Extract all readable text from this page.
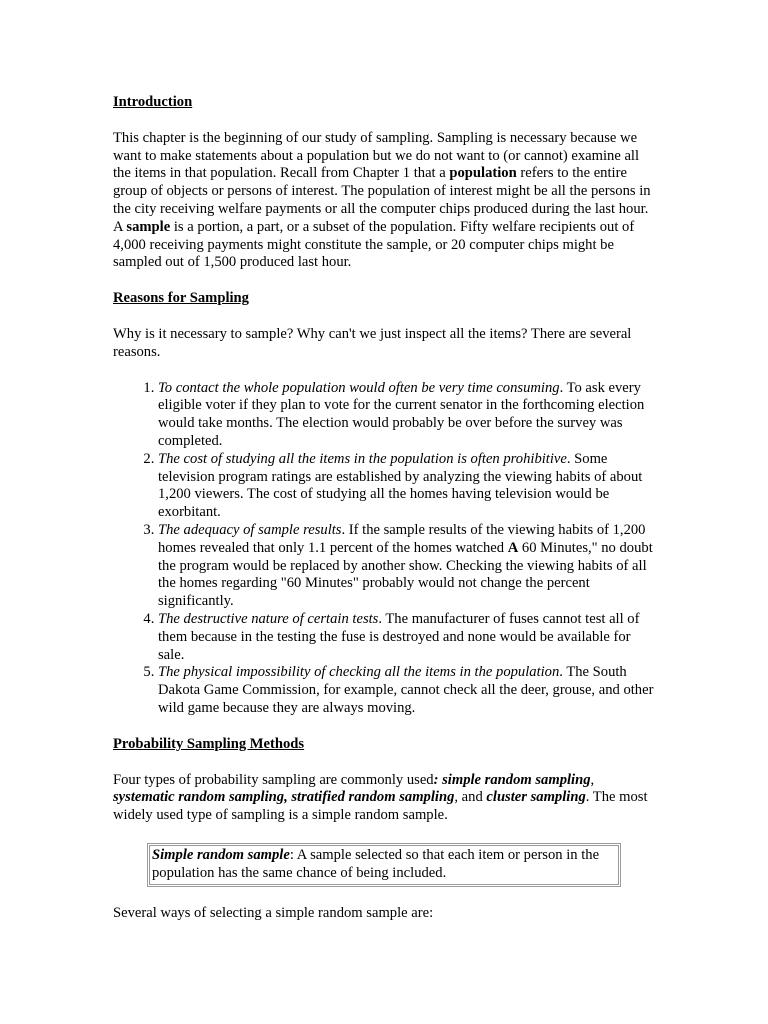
Introduction

This chapter is the beginning of our study of sampling. Sampling is necessary because we want to make statements about a population but we do not want to (or cannot) examine all the items in that population. Recall from Chapter 1 that a population refers to the entire group of objects or persons of interest. The population of interest might be all the persons in the city receiving welfare payments or all the computer chips produced during the last hour. A sample is a portion, a part, or a subset of the population. Fifty welfare recipients out of 4,000 receiving payments might constitute the sample, or 20 computer chips might be sampled out of 1,500 produced last hour.

Reasons for Sampling

Why is it necessary to sample? Why can't we just inspect all the items? There are several reasons.

1. To contact the whole population would often be very time consuming. To ask every eligible voter if they plan to vote for the current senator in the forthcoming election would take months. The election would probably be over before the survey was completed.
2. The cost of studying all the items in the population is often prohibitive. Some television program ratings are established by analyzing the viewing habits of about 1,200 viewers. The cost of studying all the homes having television would be exorbitant.
3. The adequacy of sample results. If the sample results of the viewing habits of 1,200 homes revealed that only 1.1 percent of the homes watched A 60 Minutes," no doubt the program would be replaced by another show. Checking the viewing habits of all the homes regarding "60 Minutes" probably would not change the percent significantly.
4. The destructive nature of certain tests. The manufacturer of fuses cannot test all of them because in the testing the fuse is destroyed and none would be available for sale.
5. The physical impossibility of checking all the items in the population. The South Dakota Game Commission, for example, cannot check all the deer, grouse, and other wild game because they are always moving.
Probability Sampling Methods

Four types of probability sampling are commonly used: simple random sampling, systematic random sampling, stratified random sampling, and cluster sampling. The most widely used type of sampling is a simple random sample.

Simple random sample: A sample selected so that each item or person in the population has the same chance of being included.

Several ways of selecting a simple random sample are:
